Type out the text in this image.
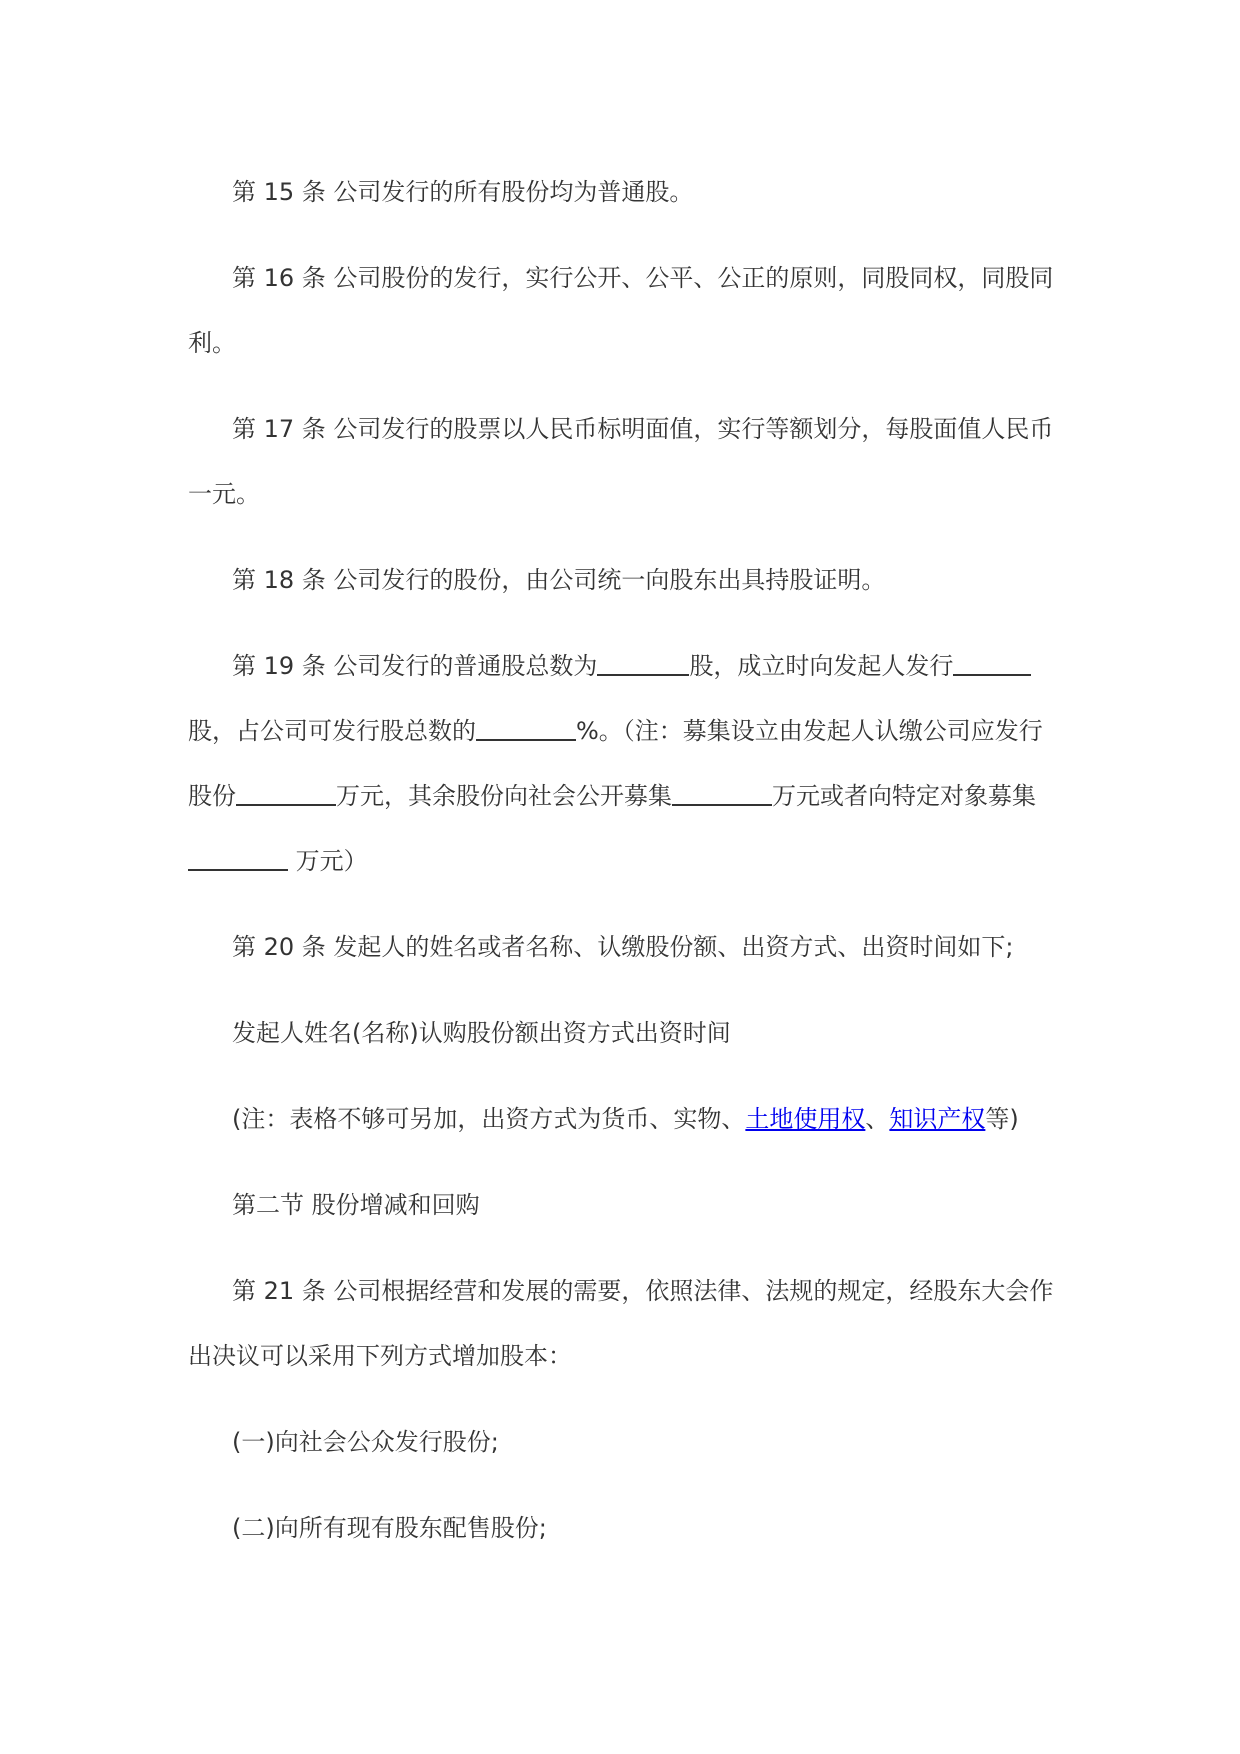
第 15 条 公司发行的所有股份均为普通股。

第 16 条 公司股份的发行，实行公开、公平、公正的原则，同股同权，同股同利。

第 17 条 公司发行的股票以人民币标明面值，实行等额划分，每股面值人民币一元。

第 18 条 公司发行的股份，由公司统一向股东出具持股证明。

第 19 条 公司发行的普通股总数为	股，成立时向发起人发行股，占公司可发行股总数的	%。（注：募集设立由发起人认缴公司应发行股份	万元，其余股份向社会公开募集	万元或者向特定对象募集 万元）

第 20 条 发起人的姓名或者名称、认缴股份额、出资方式、出资时间如下;

发起人姓名(名称)认购股份额出资方式出资时间

(注：表格不够可另加，出资方式为货币、实物、土地使用权、知识产权等)

第二节 股份增减和回购

第 21 条 公司根据经营和发展的需要，依照法律、法规的规定，经股东大会作出决议可以采用下列方式增加股本：

(一)向社会公众发行股份;

(二)向所有现有股东配售股份;
